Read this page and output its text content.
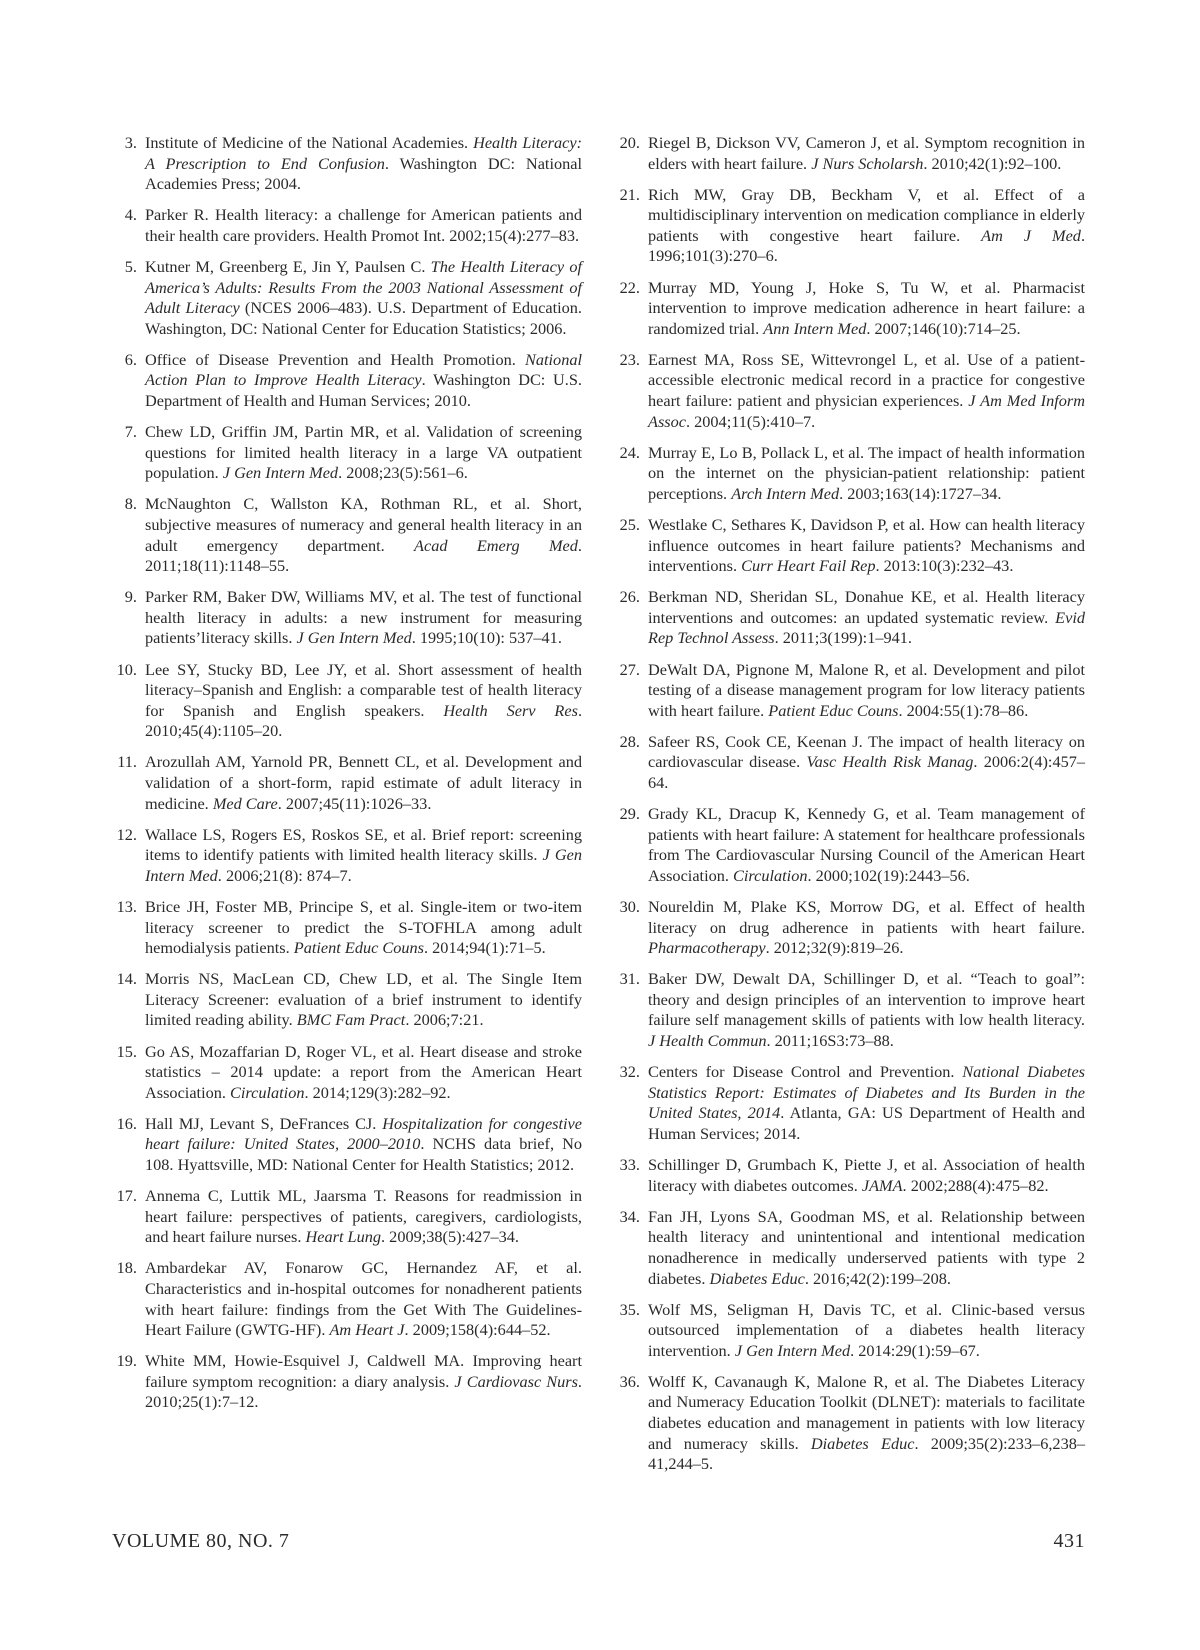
3. Institute of Medicine of the National Academies. Health Literacy: A Prescription to End Confusion. Washington DC: National Academies Press; 2004.
4. Parker R. Health literacy: a challenge for American patients and their health care providers. Health Promot Int. 2002;15(4):277–83.
5. Kutner M, Greenberg E, Jin Y, Paulsen C. The Health Literacy of America’s Adults: Results From the 2003 National Assessment of Adult Literacy (NCES 2006–483). U.S. Department of Education. Washington, DC: National Center for Education Statistics; 2006.
6. Office of Disease Prevention and Health Promotion. National Action Plan to Improve Health Literacy. Washington DC: U.S. Department of Health and Human Services; 2010.
7. Chew LD, Griffin JM, Partin MR, et al. Validation of screening questions for limited health literacy in a large VA outpatient population. J Gen Intern Med. 2008;23(5):561–6.
8. McNaughton C, Wallston KA, Rothman RL, et al. Short, subjective measures of numeracy and general health literacy in an adult emergency department. Acad Emerg Med. 2011;18(11):1148–55.
9. Parker RM, Baker DW, Williams MV, et al. The test of functional health literacy in adults: a new instrument for measuring patients’literacy skills. J Gen Intern Med. 1995;10(10): 537–41.
10. Lee SY, Stucky BD, Lee JY, et al. Short assessment of health literacy–Spanish and English: a comparable test of health literacy for Spanish and English speakers. Health Serv Res. 2010;45(4):1105–20.
11. Arozullah AM, Yarnold PR, Bennett CL, et al. Development and validation of a short-form, rapid estimate of adult literacy in medicine. Med Care. 2007;45(11):1026–33.
12. Wallace LS, Rogers ES, Roskos SE, et al. Brief report: screening items to identify patients with limited health literacy skills. J Gen Intern Med. 2006;21(8): 874–7.
13. Brice JH, Foster MB, Principe S, et al. Single-item or two-item literacy screener to predict the S-TOFHLA among adult hemodialysis patients. Patient Educ Couns. 2014;94(1):71–5.
14. Morris NS, MacLean CD, Chew LD, et al. The Single Item Literacy Screener: evaluation of a brief instrument to identify limited reading ability. BMC Fam Pract. 2006;7:21.
15. Go AS, Mozaffarian D, Roger VL, et al. Heart disease and stroke statistics – 2014 update: a report from the American Heart Association. Circulation. 2014;129(3):282–92.
16. Hall MJ, Levant S, DeFrances CJ. Hospitalization for congestive heart failure: United States, 2000–2010. NCHS data brief, No 108. Hyattsville, MD: National Center for Health Statistics; 2012.
17. Annema C, Luttik ML, Jaarsma T. Reasons for readmission in heart failure: perspectives of patients, caregivers, cardiologists, and heart failure nurses. Heart Lung. 2009;38(5):427–34.
18. Ambardekar AV, Fonarow GC, Hernandez AF, et al. Characteristics and in-hospital outcomes for nonadherent patients with heart failure: findings from the Get With The Guidelines-Heart Failure (GWTG-HF). Am Heart J. 2009;158(4):644–52.
19. White MM, Howie-Esquivel J, Caldwell MA. Improving heart failure symptom recognition: a diary analysis. J Cardiovasc Nurs. 2010;25(1):7–12.
20. Riegel B, Dickson VV, Cameron J, et al. Symptom recognition in elders with heart failure. J Nurs Scholarsh. 2010;42(1):92–100.
21. Rich MW, Gray DB, Beckham V, et al. Effect of a multidisciplinary intervention on medication compliance in elderly patients with congestive heart failure. Am J Med. 1996;101(3):270–6.
22. Murray MD, Young J, Hoke S, Tu W, et al. Pharmacist intervention to improve medication adherence in heart failure: a randomized trial. Ann Intern Med. 2007;146(10):714–25.
23. Earnest MA, Ross SE, Wittevrongel L, et al. Use of a patient-accessible electronic medical record in a practice for congestive heart failure: patient and physician experiences. J Am Med Inform Assoc. 2004;11(5):410–7.
24. Murray E, Lo B, Pollack L, et al. The impact of health information on the internet on the physician-patient relationship: patient perceptions. Arch Intern Med. 2003;163(14):1727–34.
25. Westlake C, Sethares K, Davidson P, et al. How can health literacy influence outcomes in heart failure patients? Mechanisms and interventions. Curr Heart Fail Rep. 2013:10(3):232–43.
26. Berkman ND, Sheridan SL, Donahue KE, et al. Health literacy interventions and outcomes: an updated systematic review. Evid Rep Technol Assess. 2011;3(199):1–941.
27. DeWalt DA, Pignone M, Malone R, et al. Development and pilot testing of a disease management program for low literacy patients with heart failure. Patient Educ Couns. 2004:55(1):78–86.
28. Safeer RS, Cook CE, Keenan J. The impact of health literacy on cardiovascular disease. Vasc Health Risk Manag. 2006:2(4):457–64.
29. Grady KL, Dracup K, Kennedy G, et al. Team management of patients with heart failure: A statement for healthcare professionals from The Cardiovascular Nursing Council of the American Heart Association. Circulation. 2000;102(19):2443–56.
30. Noureldin M, Plake KS, Morrow DG, et al. Effect of health literacy on drug adherence in patients with heart failure. Pharmacotherapy. 2012;32(9):819–26.
31. Baker DW, Dewalt DA, Schillinger D, et al. “Teach to goal”: theory and design principles of an intervention to improve heart failure self management skills of patients with low health literacy. J Health Commun. 2011;16S3:73–88.
32. Centers for Disease Control and Prevention. National Diabetes Statistics Report: Estimates of Diabetes and Its Burden in the United States, 2014. Atlanta, GA: US Department of Health and Human Services; 2014.
33. Schillinger D, Grumbach K, Piette J, et al. Association of health literacy with diabetes outcomes. JAMA. 2002;288(4):475–82.
34. Fan JH, Lyons SA, Goodman MS, et al. Relationship between health literacy and unintentional and intentional medication nonadherence in medically underserved patients with type 2 diabetes. Diabetes Educ. 2016;42(2):199–208.
35. Wolf MS, Seligman H, Davis TC, et al. Clinic-based versus outsourced implementation of a diabetes health literacy intervention. J Gen Intern Med. 2014:29(1):59–67.
36. Wolff K, Cavanaugh K, Malone R, et al. The Diabetes Literacy and Numeracy Education Toolkit (DLNET): materials to facilitate diabetes education and management in patients with low literacy and numeracy skills. Diabetes Educ. 2009;35(2):233–6,238–41,244–5.
VOLUME 80, NO. 7	431
